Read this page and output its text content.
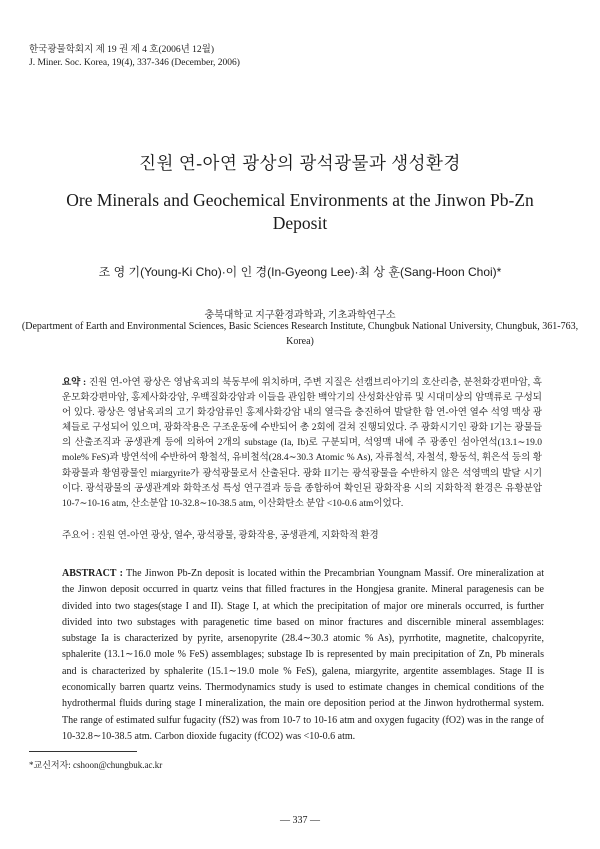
한국광물학회지 제 19 권 제 4 호(2006년 12월)
J. Miner. Soc. Korea, 19(4), 337-346 (December, 2006)
진원 연-아연 광상의 광석광물과 생성환경
Ore Minerals and Geochemical Environments at the Jinwon Pb-Zn Deposit
조 영 기(Young-Ki Cho)·이 인 경(In-Gyeong Lee)·최 상 훈(Sang-Hoon Choi)*
충북대학교 지구환경과학과, 기초과학연구소
(Department of Earth and Environmental Sciences, Basic Sciences Research Institute, Chungbuk National University, Chungbuk, 361-763, Korea)
요약 : 진원 연-아연 광상은 영남육괴의 북동부에 위치하며, 주변 지질은 선캠브리아기의 호산리층, 분천화강편마암, 흑운모화강편마암, 홍제사화강암, 우백질화강암과 이들을 관입한 백악기의 산성화산암류 및 시대미상의 암맥류로 구성되어 있다. 광상은 영남육괴의 고기 화강암류인 홍제사화강암 내의 열극을 충진하여 발달한 함 연-아연 열수 석영 맥상 광체들로 구성되어 있으며, 광화작용은 구조운동에 수반되어 총 2회에 걸쳐 진행되었다. 주 광화시기인 광화 I기는 광물들의 산출조직과 공생관계 등에 의하여 2개의 substage (Ia, Ib)로 구분되며, 석영맥 내에 주 광종인 섬아연석(13.1∼19.0 mole% FeS)과 방연석에 수반하여 황철석, 유비철석(28.4∼30.3 Atomic % As), 자류철석, 자철석, 황동석, 휘은석 등의 황화광물과 황염광물인 miargyrite가 광석광물로서 산출된다. 광화 II기는 광석광물을 수반하지 않은 석영맥의 발달 시기이다. 광석광물의 공생관계와 화학조성 특성 연구결과 등을 종합하여 확인된 광화작용 시의 지화학적 환경은 유황분압 10-7∼10-16 atm, 산소분압 10-32.8∼10-38.5 atm, 이산화탄소 분압 <10-0.6 atm이었다.
주요어 : 진원 연-아연 광상, 열수, 광석광물, 광화작용, 공생관계, 지화학적 환경
ABSTRACT : The Jinwon Pb-Zn deposit is located within the Precambrian Youngnam Massif. Ore mineralization at the Jinwon deposit occurred in quartz veins that filled fractures in the Hongjesa granite. Mineral paragenesis can be divided into two stages(stage I and II). Stage I, at which the precipitation of major ore minerals occurred, is further divided into two substages with paragenetic time based on minor fractures and discernible mineral assemblages: substage Ia is characterized by pyrite, arsenopyrite (28.4∼30.3 atomic % As), pyrrhotite, magnetite, chalcopyrite, sphalerite (13.1∼16.0 mole % FeS) assemblages; substage Ib is represented by main precipitation of Zn, Pb minerals and is characterized by sphalerite (15.1∼19.0 mole % FeS), galena, miargyrite, argentite assemblages. Stage II is economically barren quartz veins. Thermodynamics study is used to estimate changes in chemical conditions of the hydrothermal fluids during stage I mineralization, the main ore deposition period at the Jinwon hydrothermal system. The range of estimated sulfur fugacity (fS2) was from 10-7 to 10-16 atm and oxygen fugacity (fO2) was in the range of 10-32.8∼10-38.5 atm. Carbon dioxide fugacity (fCO2) was <10-0.6 atm.
*교신저자: cshoon@chungbuk.ac.kr
— 337 —
